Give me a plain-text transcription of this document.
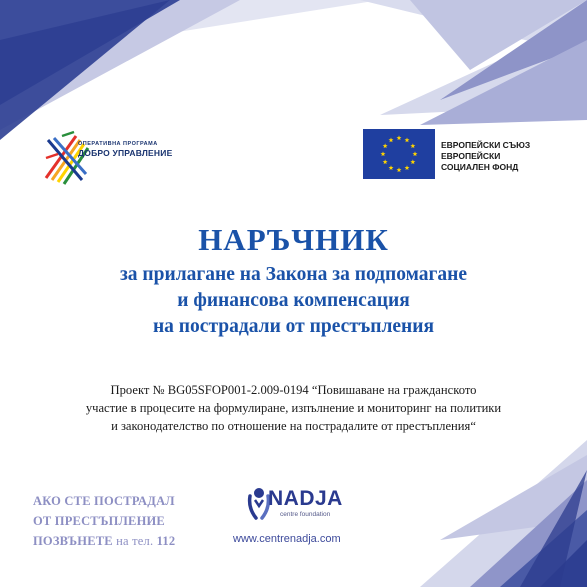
ОПЕРАТИВНА ПРОГРАМА
ДОБРО УПРАВЛЕНИЕ
ЕВРОПЕЙСКИ СЪЮЗ
ЕВРОПЕЙСКИ
СОЦИАЛЕН ФОНД
НАРЪЧНИК
за прилагане на Закона за подпомагане
и финансова компенсация
на пострадали от престъпления
Проект № BG05SFOP001-2.009-0194 “Повишаване на гражданското
участие в процесите на формулиране, изпълнение и мониторинг на политики
и законодателство по отношение на пострадалите от престъпления“
АКО СТЕ ПОСТРАДАЛ
ОТ ПРЕСТЪПЛЕНИЕ
ПОЗВЪНЕТЕ на тел. 112
NADJA
centre foundation
www.centrenadja.com
